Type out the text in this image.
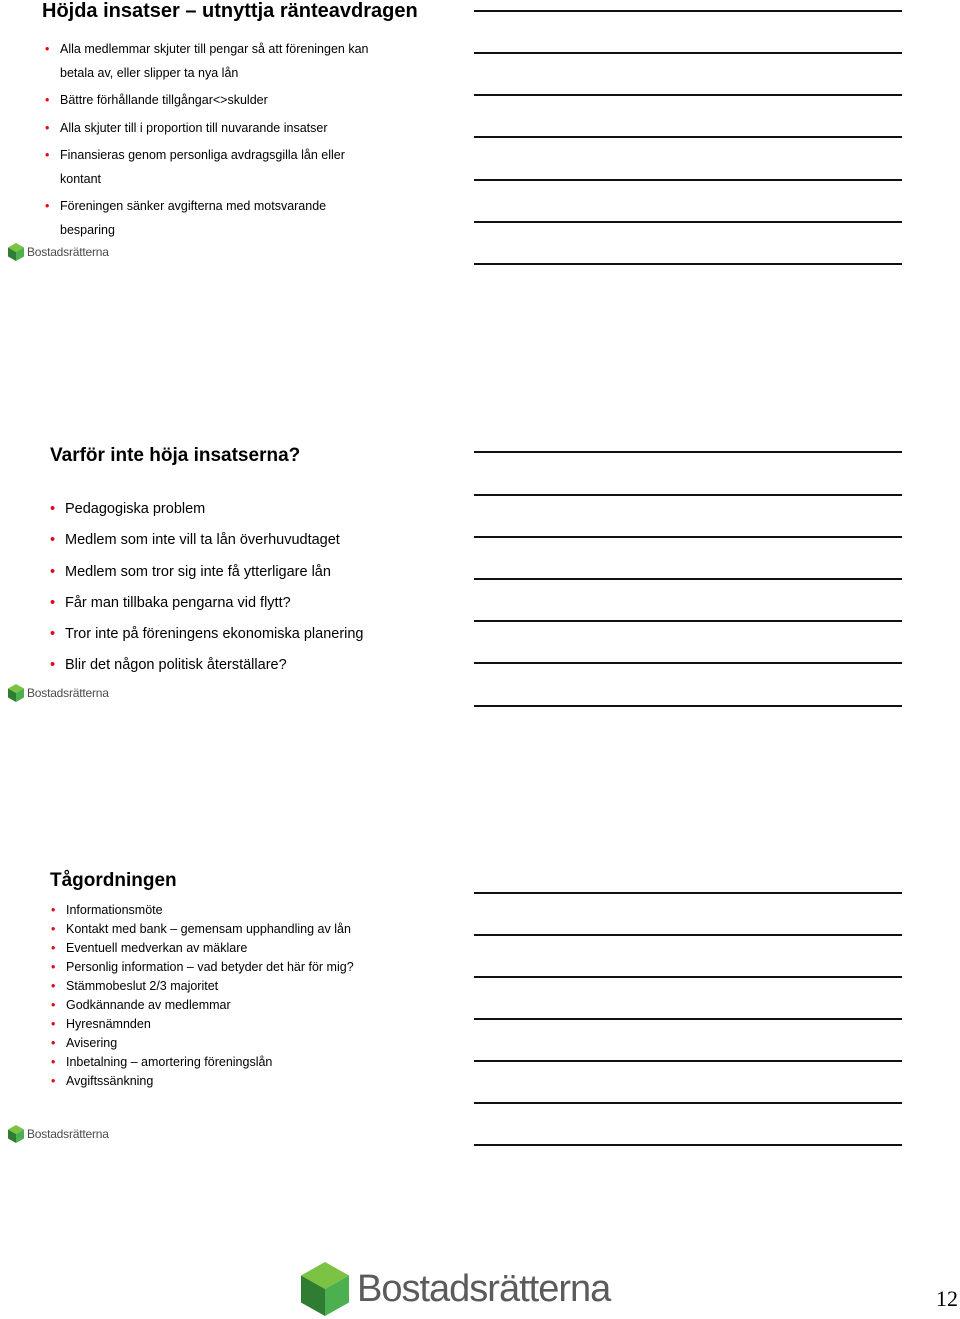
Höjda insatser – utnyttja ränteavdragen
• Alla medlemmar skjuter till pengar så att föreningen kan
betala av, eller slipper ta nya lån
• Bättre förhållande tillgångar<>skulder
• Alla skjuter till i proportion till nuvarande insatser
• Finansieras genom personliga avdragsgilla lån eller
kontant
• Föreningen sänker avgifterna med motsvarande
besparing
Bostadsrätterna
Varför inte höja insatserna?
• Pedagogiska problem
• Medlem som inte vill ta lån överhuvudtaget
• Medlem som tror sig inte få ytterligare lån
• Får man tillbaka pengarna vid flytt?
• Tror inte på föreningens ekonomiska planering
• Blir det någon politisk återställare?
Bostadsrätterna
Tågordningen
• Informationsmöte
• Kontakt med bank – gemensam upphandling av lån
• Eventuell medverkan av mäklare
• Personlig information – vad betyder det här för mig?
• Stämmobeslut 2/3 majoritet
• Godkännande av medlemmar
• Hyresnämnden
• Avisering
• Inbetalning – amortering föreningslån
• Avgiftssänkning
Bostadsrätterna
Bostadsrätterna	12
